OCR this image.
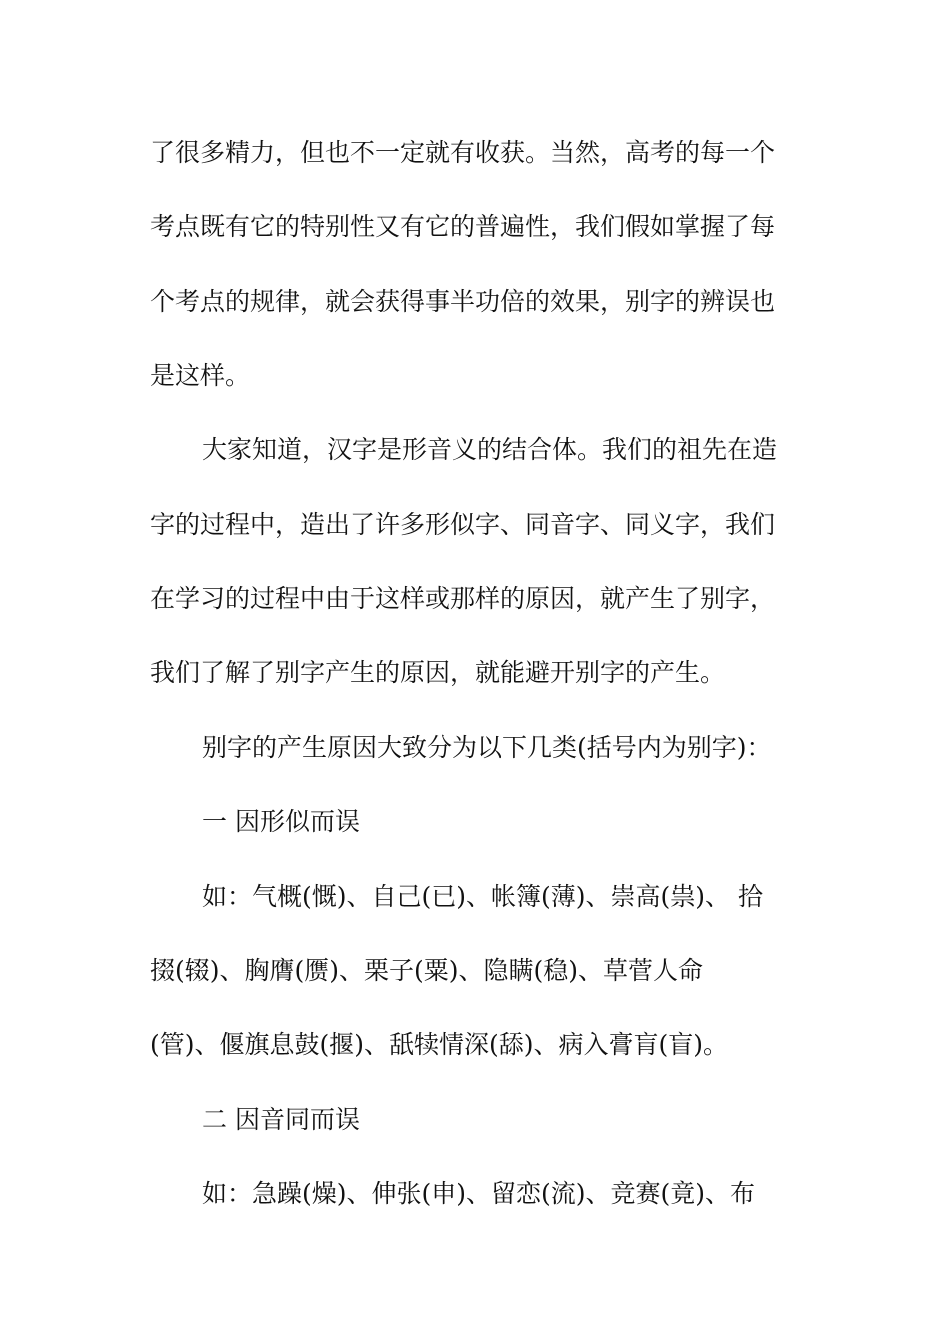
了很多精力，但也不一定就有收获。当然，高考的每一个
考点既有它的特别性又有它的普遍性，我们假如掌握了每
个考点的规律，就会获得事半功倍的效果，别字的辨误也
是这样。
大家知道，汉字是形音义的结合体。我们的祖先在造
字的过程中，造出了许多形似字、同音字、同义字，我们
在学习的过程中由于这样或那样的原因，就产生了别字，
我们了解了别字产生的原因，就能避开别字的产生。
别字的产生原因大致分为以下几类(括号内为别字)：
一 因形似而误
如：气概(慨)、自己(已)、帐簿(薄)、崇高(祟)、 拾
掇(辍)、胸膺(赝)、栗子(粟)、隐瞒(稳)、草菅人命
(管)、偃旗息鼓(揠)、舐犊情深(舔)、病入膏肓(盲)。
二 因音同而误
如：急躁(燥)、伸张(申)、留恋(流)、竞赛(竟)、布
